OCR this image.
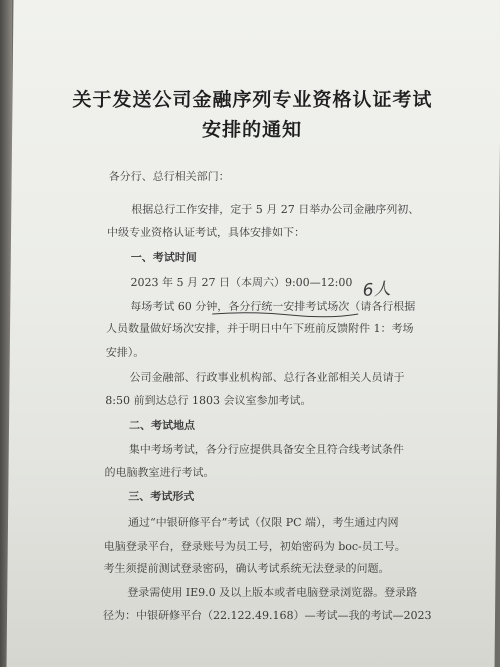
关于发送公司金融序列专业资格认证考试
安排的通知
各分行、总行相关部门：
根据总行工作安排，定于 5 月 27 日举办公司金融序列初、
中级专业资格认证考试，具体安排如下：
一、考试时间
2023 年 5 月 27 日（本周六）9:00—12:00 6人
每场考试 60 分钟，各分行统一安排考试场次（请各行根据
人员数量做好场次安排，并于明日中午下班前反馈附件 1：考场
安排）。
公司金融部、行政事业机构部、总行各业部相关人员请于
8:50 前到达总行 1803 会议室参加考试。
二、考试地点
集中考场考试，各分行应提供具备安全且符合线考试条件
的电脑教室进行考试。
三、考试形式
通过“中银研修平台”考试（仅限 PC 端），考生通过内网
电脑登录平台，登录账号为员工号，初始密码为 boc-员工号。
考生须提前测试登录密码，确认考试系统无法登录的问题。
登录需使用 IE9.0 及以上版本或者电脑登录浏览器。登录路
径为：中银研修平台（22.122.49.168）—考试—我的考试—2023
